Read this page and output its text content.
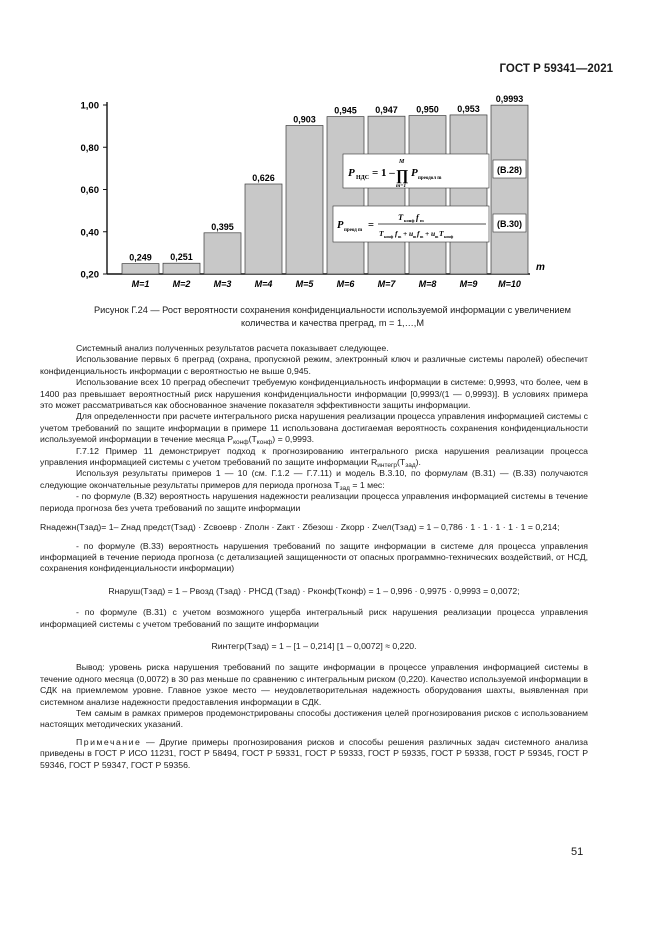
ГОСТ Р 59341—2021
0,20
0,40
0,60
0,80
1,00
0,249 0,251
0,395
0,626
0,903
0,945 0,947 0,950 0,953
0,9993
M=1	M=2	M=3	M=4	M=5	M=6	M=7	M=8	M=9 M=10
m
P НДС = 1 –
M
∏
m=1
P преодол m
(В.28)
P преод m =
T конф f m
T конф f m + u m f m + u m T конф
(В.30)
Рисунок Г.24 — Рост вероятности сохранения конфиденциальности используемой информации с увеличением
количества и качества преград, m = 1,…,M

Системный анализ полученных результатов расчета показывает следующее.

Использование первых 6 преград (охрана, пропускной режим, электронный ключ и различные системы паролей) обеспечит конфиденциальность информации с вероятностью не выше 0,945.

Использование всех 10 преград обеспечит требуемую конфиденциальность информации в системе: 0,9993, что более, чем в 1400 раз превышает вероятностный риск нарушения конфиденциальности информации [0,9993/(1 — 0,9993)]. В условиях примера это может рассматриваться как обоснованное значение показателя эффективности защиты информации.

Для определенности при расчете интегрального риска нарушения реализации процесса управления информацией системы с учетом требований по защите информации в примере 11 использована достигаемая вероятность сохранения конфиденциальности используемой информации в течение месяца $P_{конф}(T_{конф}) = 0,9993$.

Г.7.12 Пример 11 демонстрирует подход к прогнозированию интегрального риска нарушения реализации процесса управления информацией системы с учетом требований по защите информации $R_{интегр}(T_{зад})$.

Используя результаты примеров 1 — 10 (см. Г.1.2 — Г.7.11) и модель В.3.10, по формулам (В.31) — (В.33) получаются следующие окончательные результаты примеров для периода прогноза $T_{зад} = 1$ мес:

- по формуле (В.32) вероятность нарушения надежности реализации процесса управления информацией системы в течение периода прогноза без учета требований по защите информации

Rнадежн(Tзад)= 1– Zнад предст(Tзад) · Zсвоевр · Zполн · Zакт · Zбезош · Zкорр · Zчел(Tзад) = 1 – 0,786 · 1 · 1 · 1 · 1 · 1 = 0,214;

- по формуле (В.33) вероятность нарушения требований по защите информации в системе для процесса управления информацией в течение периода прогноза (с детализацией защищенности от опасных программно-технических воздействий, от НСД, сохранения конфиденциальности информации)

Rнаруш(Tзад) = 1 – Pвозд (Tзад) · PНСД (Tзад) · Pконф(Tконф) = 1 – 0,996 · 0,9975 · 0,9993 = 0,0072;

- по формуле (В.31) с учетом возможного ущерба интегральный риск нарушения реализации процесса управления информацией системы с учетом требований по защите информации

Rинтегр(Tзад) = 1 – [1 – 0,214] [1 – 0,0072] ≈ 0,220.

Вывод: уровень риска нарушения требований по защите информации в процессе управления информацией системы в течение одного месяца (0,0072) в 30 раз меньше по сравнению с интегральным риском (0,220). Качество используемой информации в СДК на приемлемом уровне. Главное узкое место — неудовлетворительная надежность оборудования шахты, выявленная при системном анализе надежности предоставления информации в СДК.

Тем самым в рамках примеров продемонстрированы способы достижения целей прогнозирования рисков с использованием настоящих методических указаний.

Примечание — Другие примеры прогнозирования рисков и способы решения различных задач системного анализа приведены в ГОСТ Р ИСО 11231, ГОСТ Р 58494, ГОСТ Р 59331, ГОСТ Р 59333, ГОСТ Р 59335, ГОСТ Р 59338, ГОСТ Р 59345, ГОСТ Р 59346, ГОСТ Р 59347, ГОСТ Р 59356.

51
